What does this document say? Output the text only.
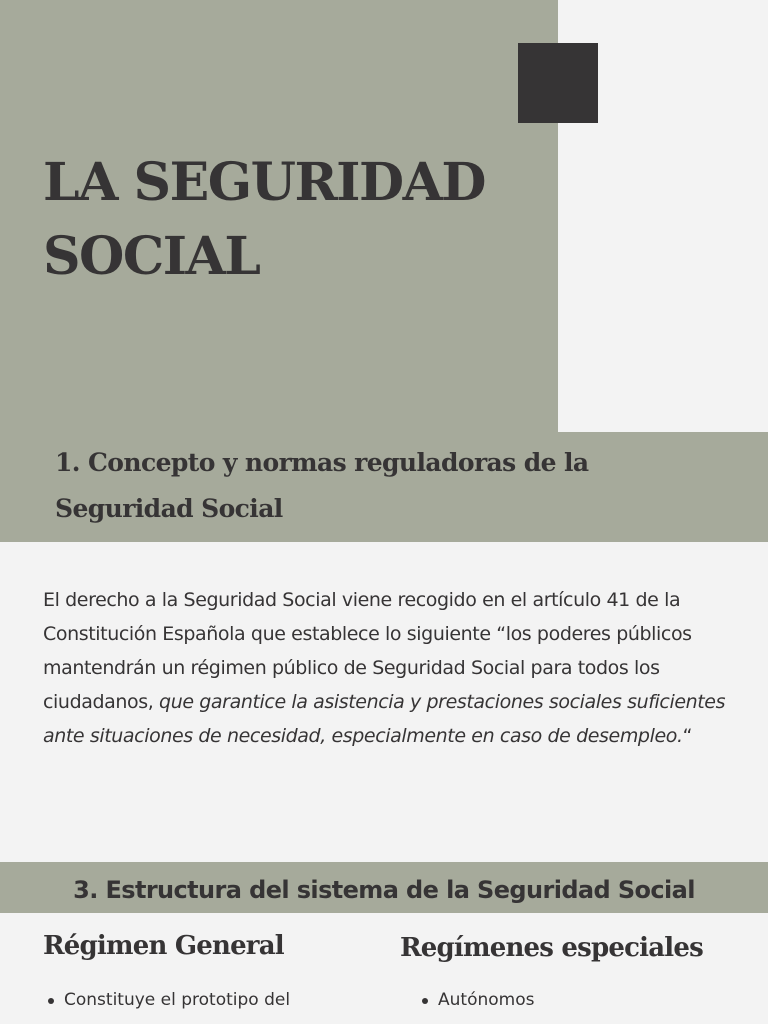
LA SEGURIDAD
SOCIAL
1. Concepto y normas reguladoras de la
Seguridad Social

El derecho a la Seguridad Social viene recogido en el artículo 41 de la Constitución Española que establece lo siguiente “los poderes públicos mantendrán un régimen público de Seguridad Social para todos los ciudadanos, que garantice la asistencia y prestaciones sociales suficientes ante situaciones de necesidad, especialmente en caso de desempleo.“

3. Estructura del sistema de la Seguridad Social
Régimen General
Constituye el prototipo del
Regímenes especiales
Autónomos
